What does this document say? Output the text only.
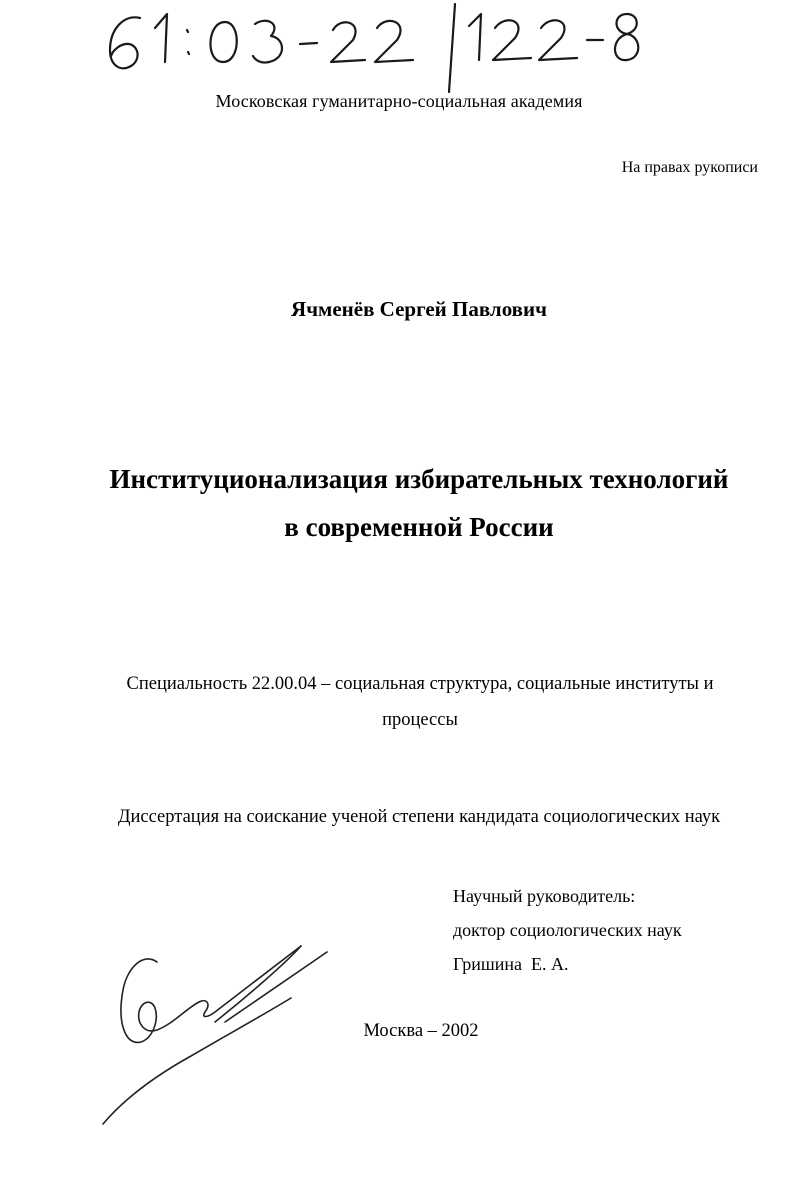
Московская гуманитарно-социальная академия
На правах рукописи
Ячменёв Сергей Павлович
Институционализация избирательных технологий
в современной России
Специальность 22.00.04 – социальная структура, социальные институты и
процессы
Диссертация на соискание ученой степени кандидата социологических наук
Научный руководитель:
доктор социологических наук
Гришина  Е. А.
Москва – 2002
